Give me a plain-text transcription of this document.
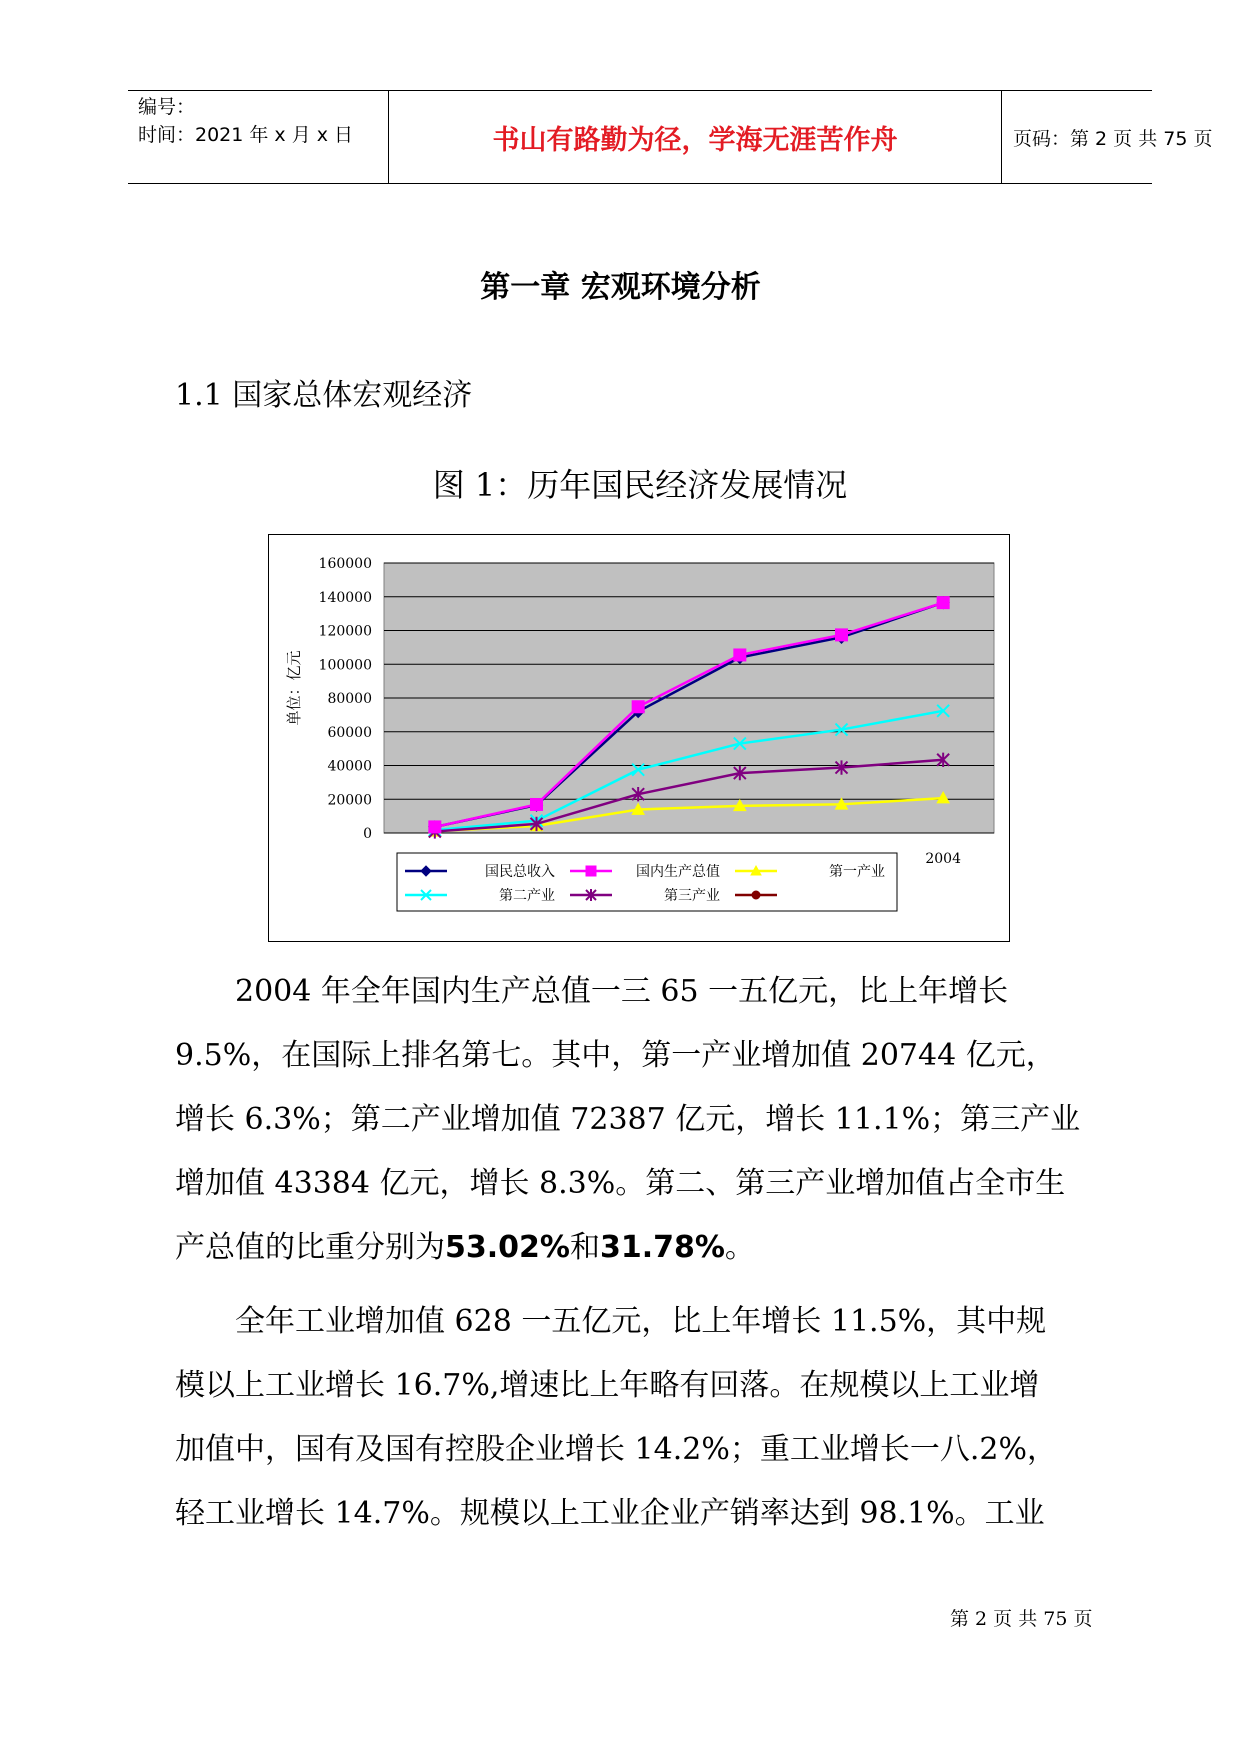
编号：
时间：2021 年 x 月 x 日	书山有路勤为径，学海无涯苦作舟	页码：第 2 页 共 75 页
第一章 宏观环境分析
1.1 国家总体宏观经济
图 1：历年国民经济发展情况
0
20000
40000
60000
80000
100000
120000
140000
160000
2004
单位：亿元
国民总收入	国内生产总值	第一产业
第二产业	第三产业
　　2004 年全年国内生产总值一三 65 一五亿元，比上年增长
9.5%，在国际上排名第七。其中，第一产业增加值 20744 亿元，
增长 6.3%；第二产业增加值 72387 亿元，增长 11.1%；第三产业
增加值 43384 亿元，增长 8.3%。第二、第三产业增加值占全市生
产总值的比重分别为53.02%和31.78%。
　　全年工业增加值 628 一五亿元，比上年增长 11.5%，其中规
模以上工业增长 16.7%,增速比上年略有回落。在规模以上工业增
加值中，国有及国有控股企业增长 14.2%；重工业增长一八.2%，
轻工业增长 14.7%。规模以上工业企业产销率达到 98.1%。工业
第 2 页 共 75 页
